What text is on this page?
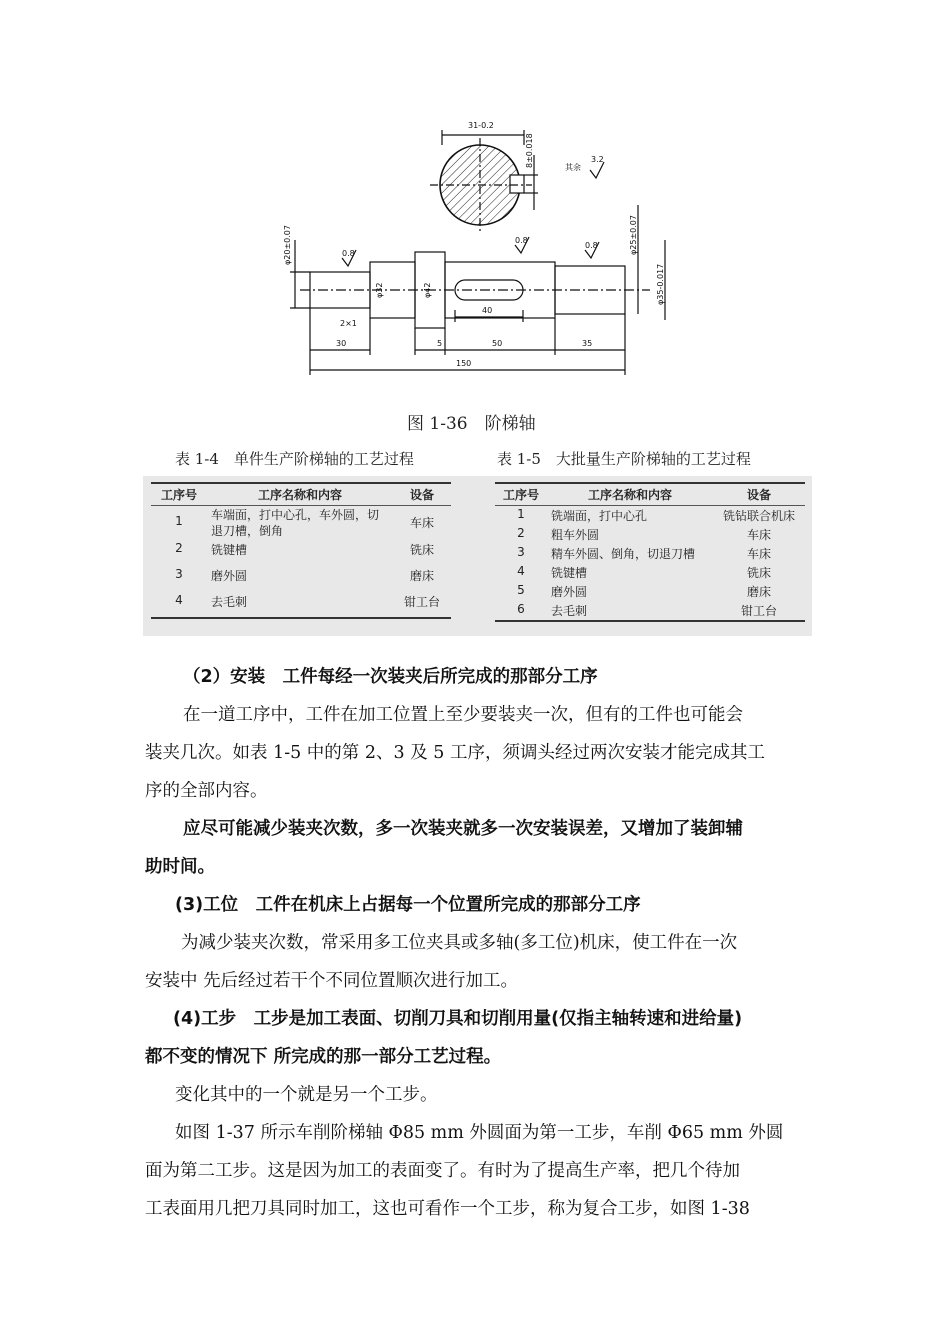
31-0.2
8±0.018	其余
3.2
0.8
0.8
0.8
φ20±0.07
φ32	φ42
φ25±0.07
φ35-0.017
2×1
40
30	5	50	35
150
图 1-36　阶梯轴
表 1-4　单件生产阶梯轴的工艺过程	表 1-5　大批量生产阶梯轴的工艺过程
工序号	工序名称和内容	设备
1	车端面，打中心孔，车外圆，切退刀槽，倒角	车床
2	铣键槽	铣床
3	磨外圆	磨床
4	去毛刺	钳工台
工序号	工序名称和内容	设备
1	铣端面，打中心孔	铣钻联合机床
2	粗车外圆	车床
3	精车外圆、倒角，切退刀槽	车床
4	铣键槽	铣床
5	磨外圆	磨床
6	去毛刺	钳工台
（2）安装　工件每经一次装夹后所完成的那部分工序
在一道工序中，工件在加工位置上至少要装夹一次，但有的工件也可能会
装夹几次。如表 1-5 中的第 2、3 及 5 工序，须调头经过两次安装才能完成其工
序的全部内容。
应尽可能减少装夹次数，多一次装夹就多一次安装误差，又增加了装卸辅
助时间。
(3)工位　工件在机床上占据每一个位置所完成的那部分工序
为减少装夹次数，常采用多工位夹具或多轴(多工位)机床，使工件在一次
安装中 先后经过若干个不同位置顺次进行加工。
(4)工步　工步是加工表面、切削刀具和切削用量(仅指主轴转速和进给量)
都不变的情况下 所完成的那一部分工艺过程。
变化其中的一个就是另一个工步。
如图 1-37 所示车削阶梯轴 Φ85 mm 外圆面为第一工步，车削 Φ65 mm 外圆
面为第二工步。这是因为加工的表面变了。有时为了提高生产率，把几个待加
工表面用几把刀具同时加工，这也可看作一个工步，称为复合工步，如图 1-38
